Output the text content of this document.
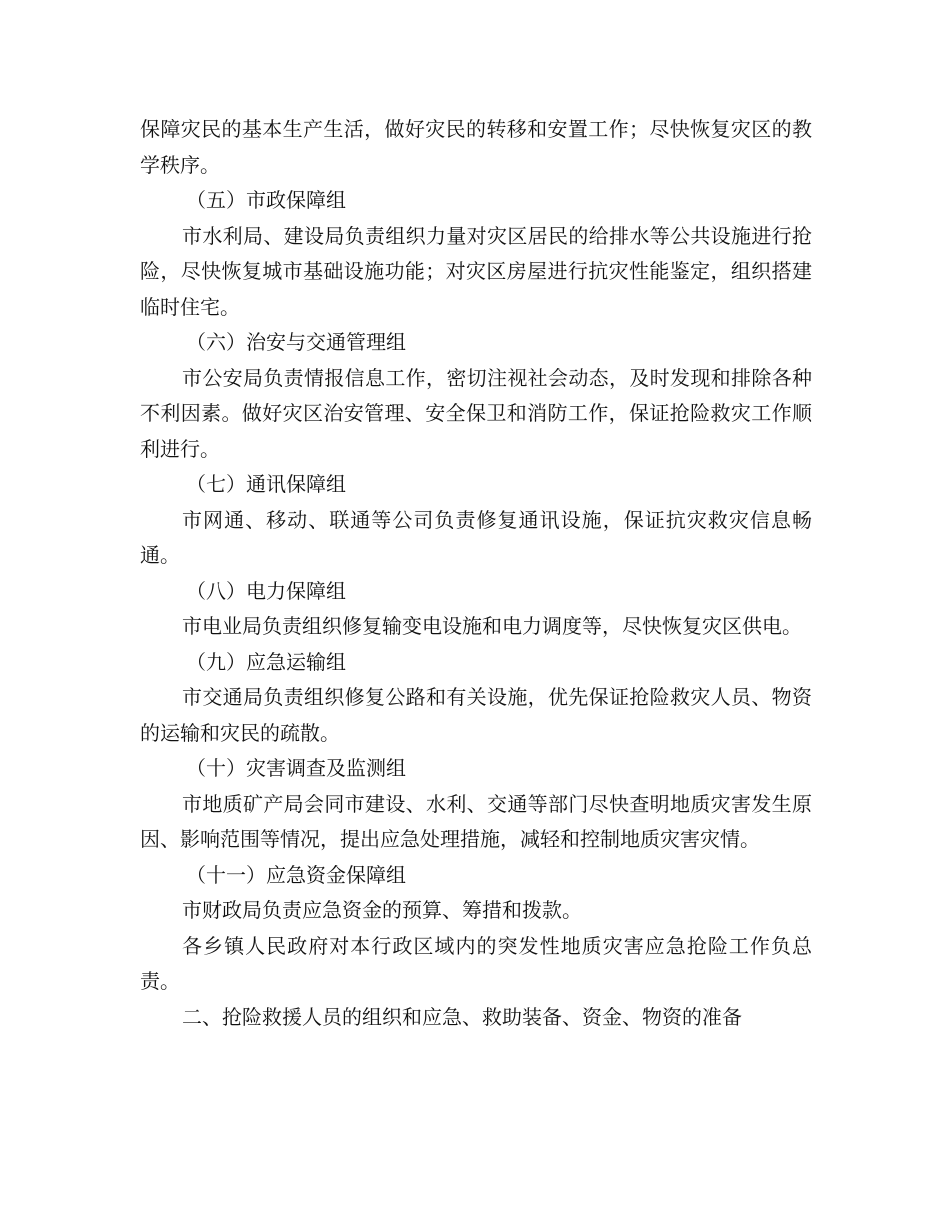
保障灾民的基本生产生活，做好灾民的转移和安置工作；尽快恢复灾区的教学秩序。

（五）市政保障组

市水利局、建设局负责组织力量对灾区居民的给排水等公共设施进行抢险，尽快恢复城市基础设施功能；对灾区房屋进行抗灾性能鉴定，组织搭建临时住宅。

（六）治安与交通管理组

市公安局负责情报信息工作，密切注视社会动态，及时发现和排除各种不利因素。做好灾区治安管理、安全保卫和消防工作，保证抢险救灾工作顺利进行。

（七）通讯保障组

市网通、移动、联通等公司负责修复通讯设施，保证抗灾救灾信息畅通。

（八）电力保障组

市电业局负责组织修复输变电设施和电力调度等，尽快恢复灾区供电。

（九）应急运输组

市交通局负责组织修复公路和有关设施，优先保证抢险救灾人员、物资的运输和灾民的疏散。

（十）灾害调查及监测组

市地质矿产局会同市建设、水利、交通等部门尽快查明地质灾害发生原因、影响范围等情况，提出应急处理措施，减轻和控制地质灾害灾情。

（十一）应急资金保障组

市财政局负责应急资金的预算、筹措和拨款。

各乡镇人民政府对本行政区域内的突发性地质灾害应急抢险工作负总责。

二、抢险救援人员的组织和应急、救助装备、资金、物资的准备
